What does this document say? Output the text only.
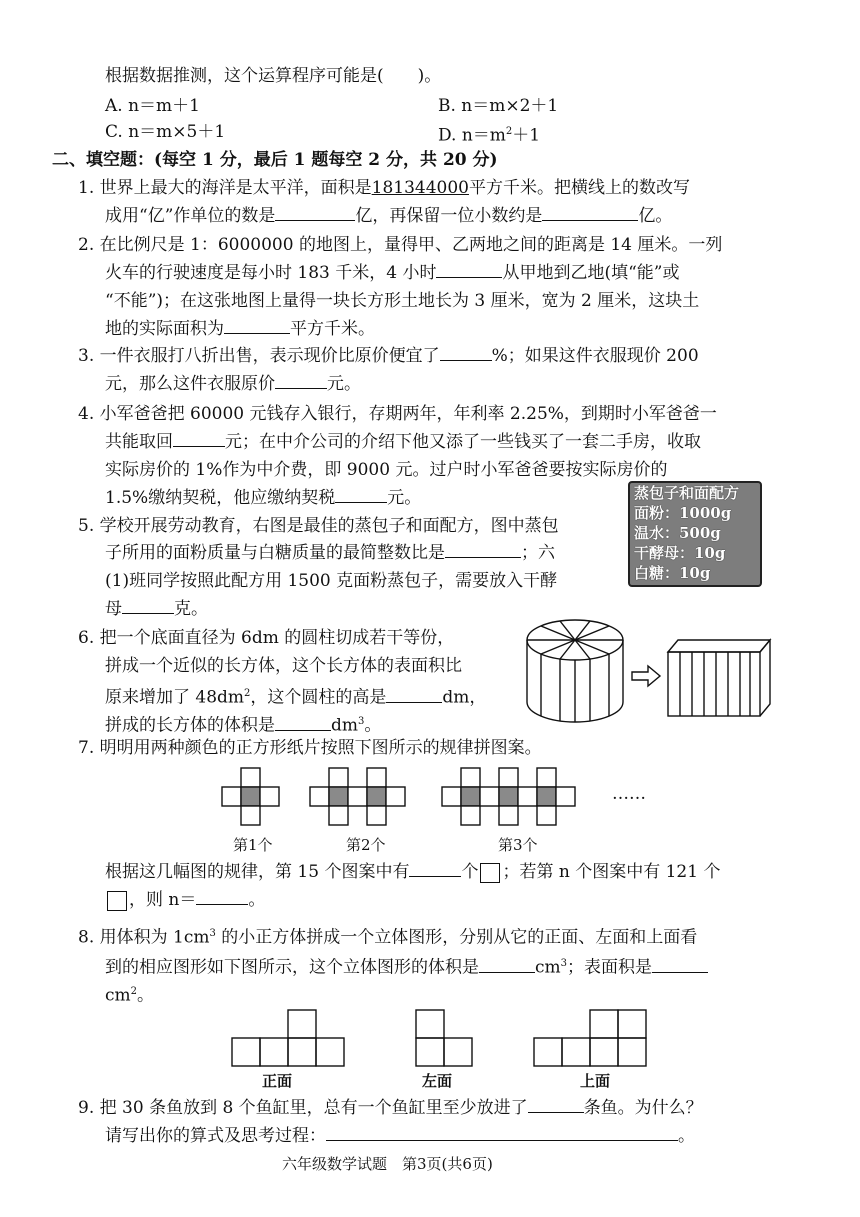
根据数据推测，这个运算程序可能是(　　)。
A. n＝m＋1	B. n＝m×2＋1
C. n＝m×5＋1	D. $n=m^2+1$
二、填空题：(每空 1 分，最后 1 题每空 2 分，共 20 分)
1. 世界上最大的海洋是太平洋，面积是181344000平方千米。把横线上的数改写
成用“亿”作单位的数是	亿，再保留一位小数约是	亿。
2. 在比例尺是 1：6000000 的地图上，量得甲、乙两地之间的距离是 14 厘米。一列
火车的行驶速度是每小时 183 千米，4 小时	从甲地到乙地(填“能”或
“不能”)；在这张地图上量得一块长方形土地长为 3 厘米，宽为 2 厘米，这块土
地的实际面积为	平方千米。
3. 一件衣服打八折出售，表示现价比原价便宜了	%；如果这件衣服现价 200
元，那么这件衣服原价	元。
4. 小军爸爸把 60000 元钱存入银行，存期两年，年利率 2.25%，到期时小军爸爸一
共能取回	元；在中介公司的介绍下他又添了一些钱买了一套二手房，收取
实际房价的 1%作为中介费，即 9000 元。过户时小军爸爸要按实际房价的
1.5%缴纳契税，他应缴纳契税	元。
5. 学校开展劳动教育，右图是最佳的蒸包子和面配方，图中蒸包
子所用的面粉质量与白糖质量的最简整数比是	；六
(1)班同学按照此配方用 1500 克面粉蒸包子，需要放入干酵
母	克。
蒸包子和面配方
面粉：1000g
温水：500g
干酵母：10g
白糖：10g
6. 把一个底面直径为 6dm 的圆柱切成若干等份，
拼成一个近似的长方体，这个长方体的表面积比
原来增加了 $48dm^2$，这个圆柱的高是	dm，
拼成的长方体的体积是	$dm^3$。
7. 明明用两种颜色的正方形纸片按照下图所示的规律拼图案。
……
第1个	第2个	第3个
根据这几幅图的规律，第 15 个图案中有	个 ；若第 n 个图案中有 121 个
，则 n＝	。
8. 用体积为 $1cm^3$ 的小正方体拼成一个立体图形，分别从它的正面、左面和上面看
到的相应图形如下图所示，这个立体图形的体积是	$cm^3$；表面积是
$cm^2$。
正面	左面	上面
9. 把 30 条鱼放到 8 个鱼缸里，总有一个鱼缸里至少放进了	条鱼。为什么？
请写出你的算式及思考过程：	。
六年级数学试题　第3页(共6页)
